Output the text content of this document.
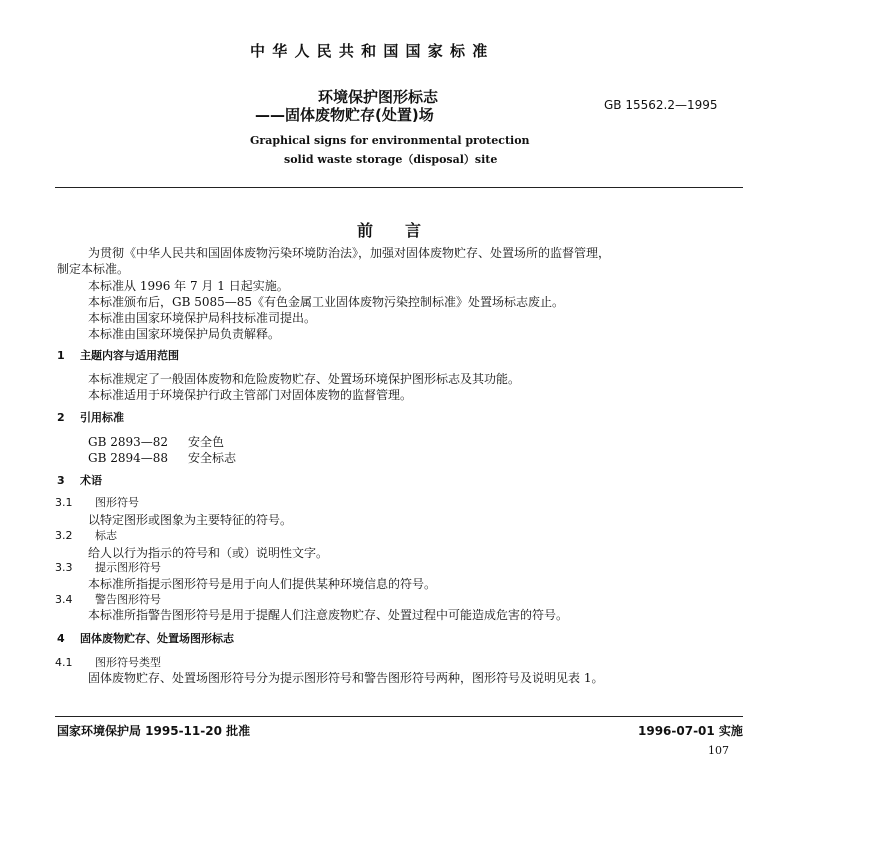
中 华 人 民 共 和 国 国 家 标 准
环境保护图形标志
——固体废物贮存(处置)场
GB 15562.2—1995
Graphical signs for environmental protection
solid waste storage（disposal）site
前　　言
为贯彻《中华人民共和国固体废物污染环境防治法》，加强对固体废物贮存、处置场所的监督管理，
制定本标准。
本标准从 1996 年 7 月 1 日起实施。
本标准颁布后，GB 5085—85《有色金属工业固体废物污染控制标准》处置场标志废止。
本标准由国家环境保护局科技标准司提出。
本标准由国家环境保护局负责解释。
1 主题内容与适用范围
本标准规定了一般固体废物和危险废物贮存、处置场环境保护图形标志及其功能。
本标准适用于环境保护行政主管部门对固体废物的监督管理。
2 引用标准
GB 2893—82 安全色
GB 2894—88 安全标志
3 术语
3.1 图形符号
以特定图形或图象为主要特征的符号。
3.2 标志
给人以行为指示的符号和（或）说明性文字。
3.3 提示图形符号
本标准所指提示图形符号是用于向人们提供某种环境信息的符号。
3.4 警告图形符号
本标准所指警告图形符号是用于提醒人们注意废物贮存、处置过程中可能造成危害的符号。
4 固体废物贮存、处置场图形标志
4.1 图形符号类型
固体废物贮存、处置场图形符号分为提示图形符号和警告图形符号两种，图形符号及说明见表 1。
国家环境保护局 1995-11-20 批准	1996-07-01 实施
107
